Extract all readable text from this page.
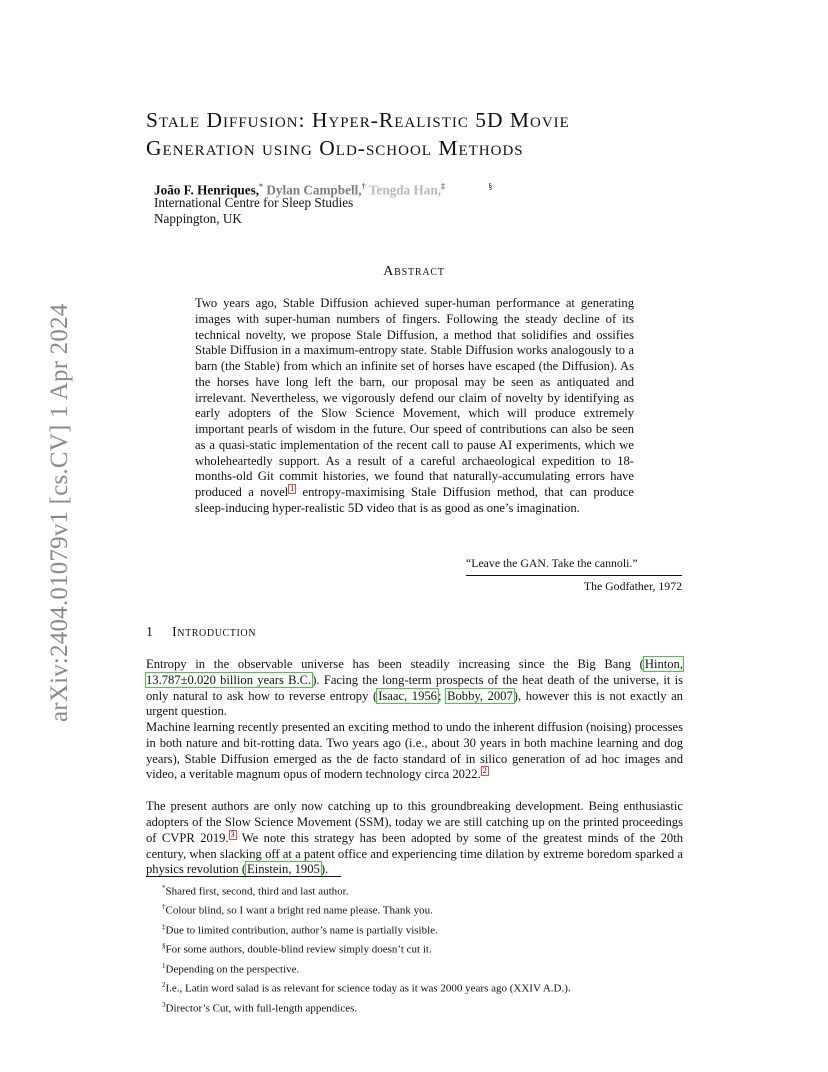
arXiv:2404.01079v1 [cs.CV] 1 Apr 2024
Stale Diffusion: Hyper-Realistic 5D Movie
Generation using Old-school Methods
João F. Henriques,* Dylan Campbell,† Tengda Han,‡	§
International Centre for Sleep Studies
Nappington, UK
Abstract
Two years ago, Stable Diffusion achieved super-human performance at generating images with super-human numbers of fingers. Following the steady decline of its technical novelty, we propose Stale Diffusion, a method that solidifies and ossifies Stable Diffusion in a maximum-entropy state. Stable Diffusion works analogously to a barn (the Stable) from which an infinite set of horses have escaped (the Diffusion). As the horses have long left the barn, our proposal may be seen as antiquated and irrelevant. Nevertheless, we vigorously defend our claim of novelty by identifying as early adopters of the Slow Science Movement, which will produce extremely important pearls of wisdom in the future. Our speed of contributions can also be seen as a quasi-static implementation of the recent call to pause AI experiments, which we wholeheartedly support. As a result of a careful archaeological expedition to 18-months-old Git commit histories, we found that naturally-accumulating errors have produced a novel 1 entropy-maximising Stale Diffusion method, that can produce sleep-inducing hyper-realistic 5D video that is as good as one’s imagination.
“Leave the GAN. Take the cannoli.”
The Godfather, 1972
1 Introduction
Entropy in the observable universe has been steadily increasing since the Big Bang (Hinton, 13.787±0.020 billion years B.C.). Facing the long-term prospects of the heat death of the universe, it is only natural to ask how to reverse entropy (Isaac, 1956; Bobby, 2007), however this is not exactly an urgent question.
Machine learning recently presented an exciting method to undo the inherent diffusion (noising) processes in both nature and bit-rotting data. Two years ago (i.e., about 30 years in both machine learning and dog years), Stable Diffusion emerged as the de facto standard of in silico generation of ad hoc images and video, a veritable magnum opus of modern technology circa 2022. 2
The present authors are only now catching up to this groundbreaking development. Being enthusiastic adopters of the Slow Science Movement (SSM), today we are still catching up on the printed proceedings of CVPR 2019. 3 We note this strategy has been adopted by some of the greatest minds of the 20th century, when slacking off at a patent office and experiencing time dilation by extreme boredom sparked a physics revolution (Einstein, 1905).
*Shared first, second, third and last author.
†Colour blind, so I want a bright red name please. Thank you.
‡Due to limited contribution, author’s name is partially visible.
§For some authors, double-blind review simply doesn’t cut it.
$^1$Depending on the perspective.
$^2$I.e., Latin word salad is as relevant for science today as it was 2000 years ago (XXIV A.D.).
$^3$Director’s Cut, with full-length appendices.
